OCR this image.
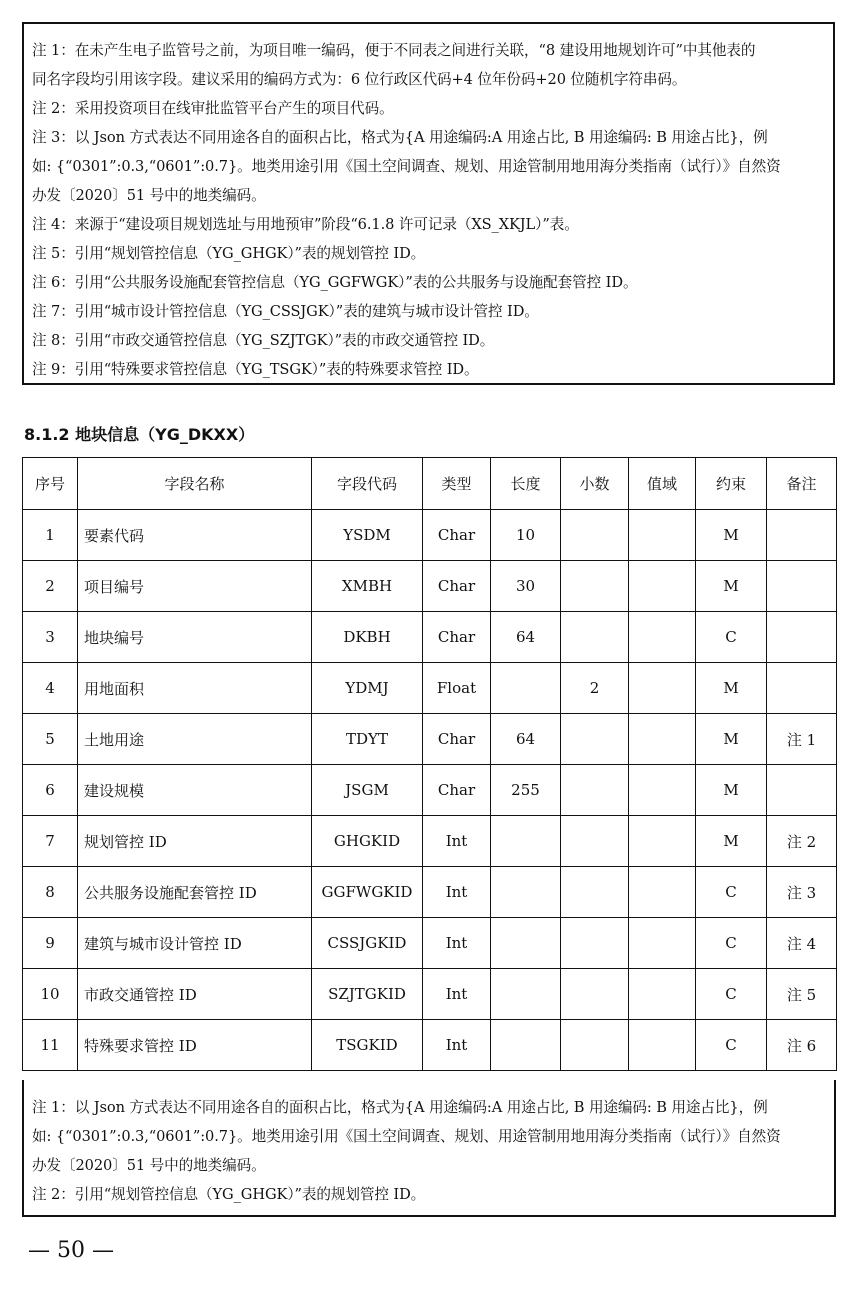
注 1：在未产生电子监管号之前，为项目唯一编码，便于不同表之间进行关联，“8 建设用地规划许可”中其他表的
同名字段均引用该字段。建议采用的编码方式为：6 位行政区代码+4 位年份码+20 位随机字符串码。
注 2：采用投资项目在线审批监管平台产生的项目代码。
注 3：以 Json 方式表达不同用途各自的面积占比，格式为{A 用途编码:A 用途占比, B 用途编码: B 用途占比}，例
如: {“0301”:0.3,“0601”:0.7}。地类用途引用《国土空间调查、规划、用途管制用地用海分类指南（试行）》自然资
办发〔2020〕51 号中的地类编码。
注 4：来源于“建设项目规划选址与用地预审”阶段“6.1.8 许可记录（XS_XKJL）”表。
注 5：引用“规划管控信息（YG_GHGK）”表的规划管控 ID。
注 6：引用“公共服务设施配套管控信息（YG_GGFWGK）”表的公共服务与设施配套管控 ID。
注 7：引用“城市设计管控信息（YG_CSSJGK）”表的建筑与城市设计管控 ID。
注 8：引用“市政交通管控信息（YG_SZJTGK）”表的市政交通管控 ID。
注 9：引用“特殊要求管控信息（YG_TSGK）”表的特殊要求管控 ID。
8.1.2 地块信息（YG_DKXX）
序号	字段名称	字段代码	类型	长度	小数	值域	约束	备注
1	要素代码	YSDM	Char	10			M	
2	项目编号	XMBH	Char	30			M	
3	地块编号	DKBH	Char	64			C	
4	用地面积	YDMJ	Float		2		M	
5	土地用途	TDYT	Char	64			M	注 1
6	建设规模	JSGM	Char	255			M	
7	规划管控 ID	GHGKID	Int				M	注 2
8	公共服务设施配套管控 ID	GGFWGKID	Int				C	注 3
9	建筑与城市设计管控 ID	CSSJGKID	Int				C	注 4
10	市政交通管控 ID	SZJTGKID	Int				C	注 5
11	特殊要求管控 ID	TSGKID	Int				C	注 6
注 1：以 Json 方式表达不同用途各自的面积占比，格式为{A 用途编码:A 用途占比, B 用途编码: B 用途占比}，例
如: {“0301”:0.3,“0601”:0.7}。地类用途引用《国土空间调查、规划、用途管制用地用海分类指南（试行）》自然资
办发〔2020〕51 号中的地类编码。
注 2：引用“规划管控信息（YG_GHGK）”表的规划管控 ID。
— 50 —
